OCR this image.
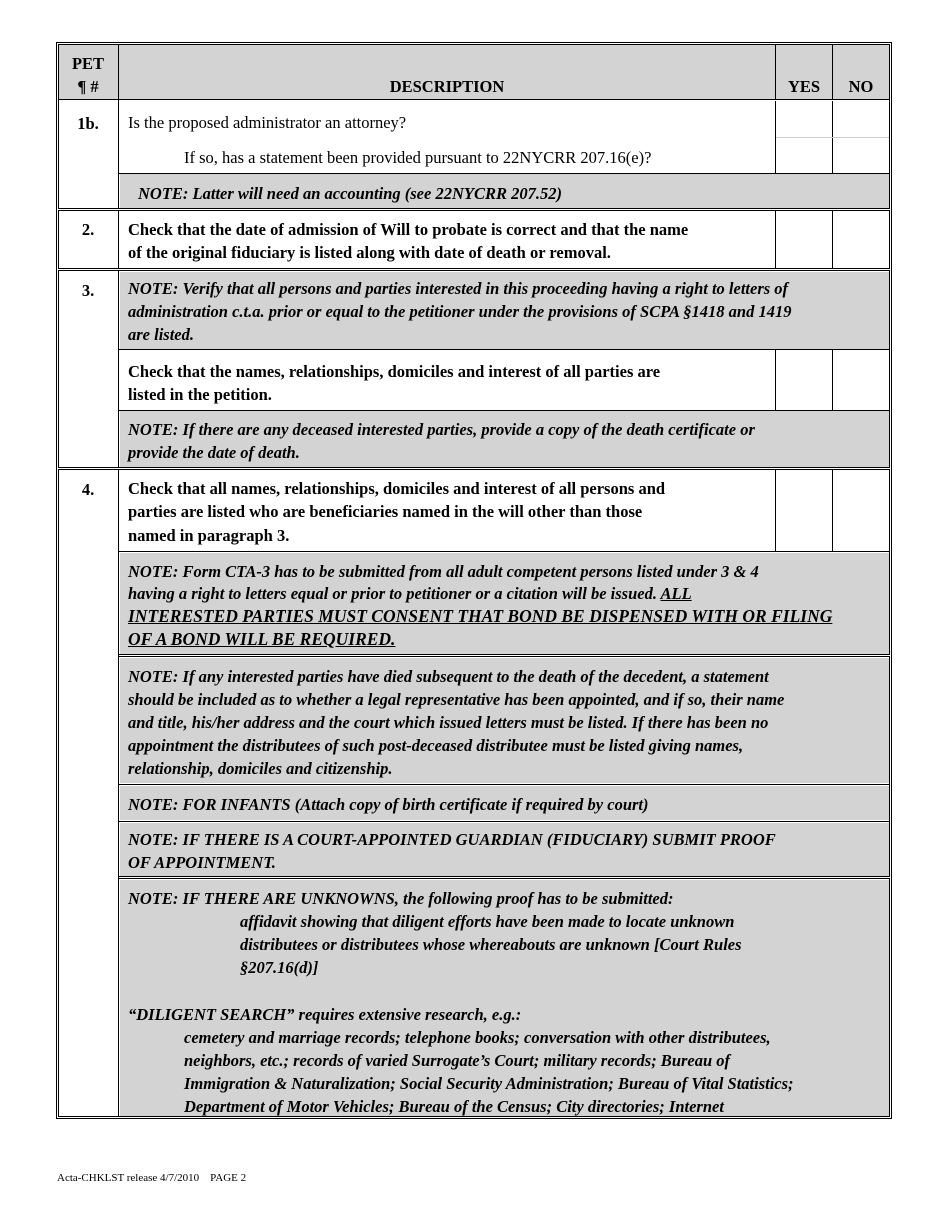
PET
¶ #	DESCRIPTION	YES	NO
1b.	Is the proposed administrator an attorney?
If so, has a statement been provided pursuant to 22NYCRR 207.16(e)?
NOTE: Latter will need an accounting (see 22NYCRR 207.52)
2.	Check that the date of admission of Will to probate is correct and that the name
of the original fiduciary is listed along with date of death or removal.
3.	NOTE: Verify that all persons and parties interested in this proceeding having a right to letters of
administration c.t.a. prior or equal to the petitioner under the provisions of SCPA §1418 and 1419
are listed.
Check that the names, relationships, domiciles and interest of all parties are
listed in the petition.
NOTE: If there are any deceased interested parties, provide a copy of the death certificate or
provide the date of death.
4.	Check that all names, relationships, domiciles and interest of all persons and
parties are listed who are beneficiaries named in the will other than those
named in paragraph 3.
NOTE: Form CTA-3 has to be submitted from all adult competent persons listed under 3 & 4
having a right to letters equal or prior to petitioner or a citation will be issued. ALL
INTERESTED PARTIES MUST CONSENT THAT BOND BE DISPENSED WITH OR FILING
OF A BOND WILL BE REQUIRED.
NOTE: If any interested parties have died subsequent to the death of the decedent, a statement
should be included as to whether a legal representative has been appointed, and if so, their name
and title, his/her address and the court which issued letters must be listed. If there has been no
appointment the distributees of such post-deceased distributee must be listed giving names,
relationship, domiciles and citizenship.
NOTE: FOR INFANTS (Attach copy of birth certificate if required by court)
NOTE: IF THERE IS A COURT-APPOINTED GUARDIAN (FIDUCIARY) SUBMIT PROOF
OF APPOINTMENT.
NOTE: IF THERE ARE UNKNOWNS, the following proof has to be submitted:
affidavit showing that diligent efforts have been made to locate unknown
distributees or distributees whose whereabouts are unknown [Court Rules
§207.16(d)]
“DILIGENT SEARCH” requires extensive research, e.g.:
cemetery and marriage records; telephone books; conversation with other distributees,
neighbors, etc.; records of varied Surrogate’s Court; military records; Bureau of
Immigration & Naturalization; Social Security Administration; Bureau of Vital Statistics;
Department of Motor Vehicles; Bureau of the Census; City directories; Internet
Acta-CHKLST release 4/7/2010    PAGE 2
